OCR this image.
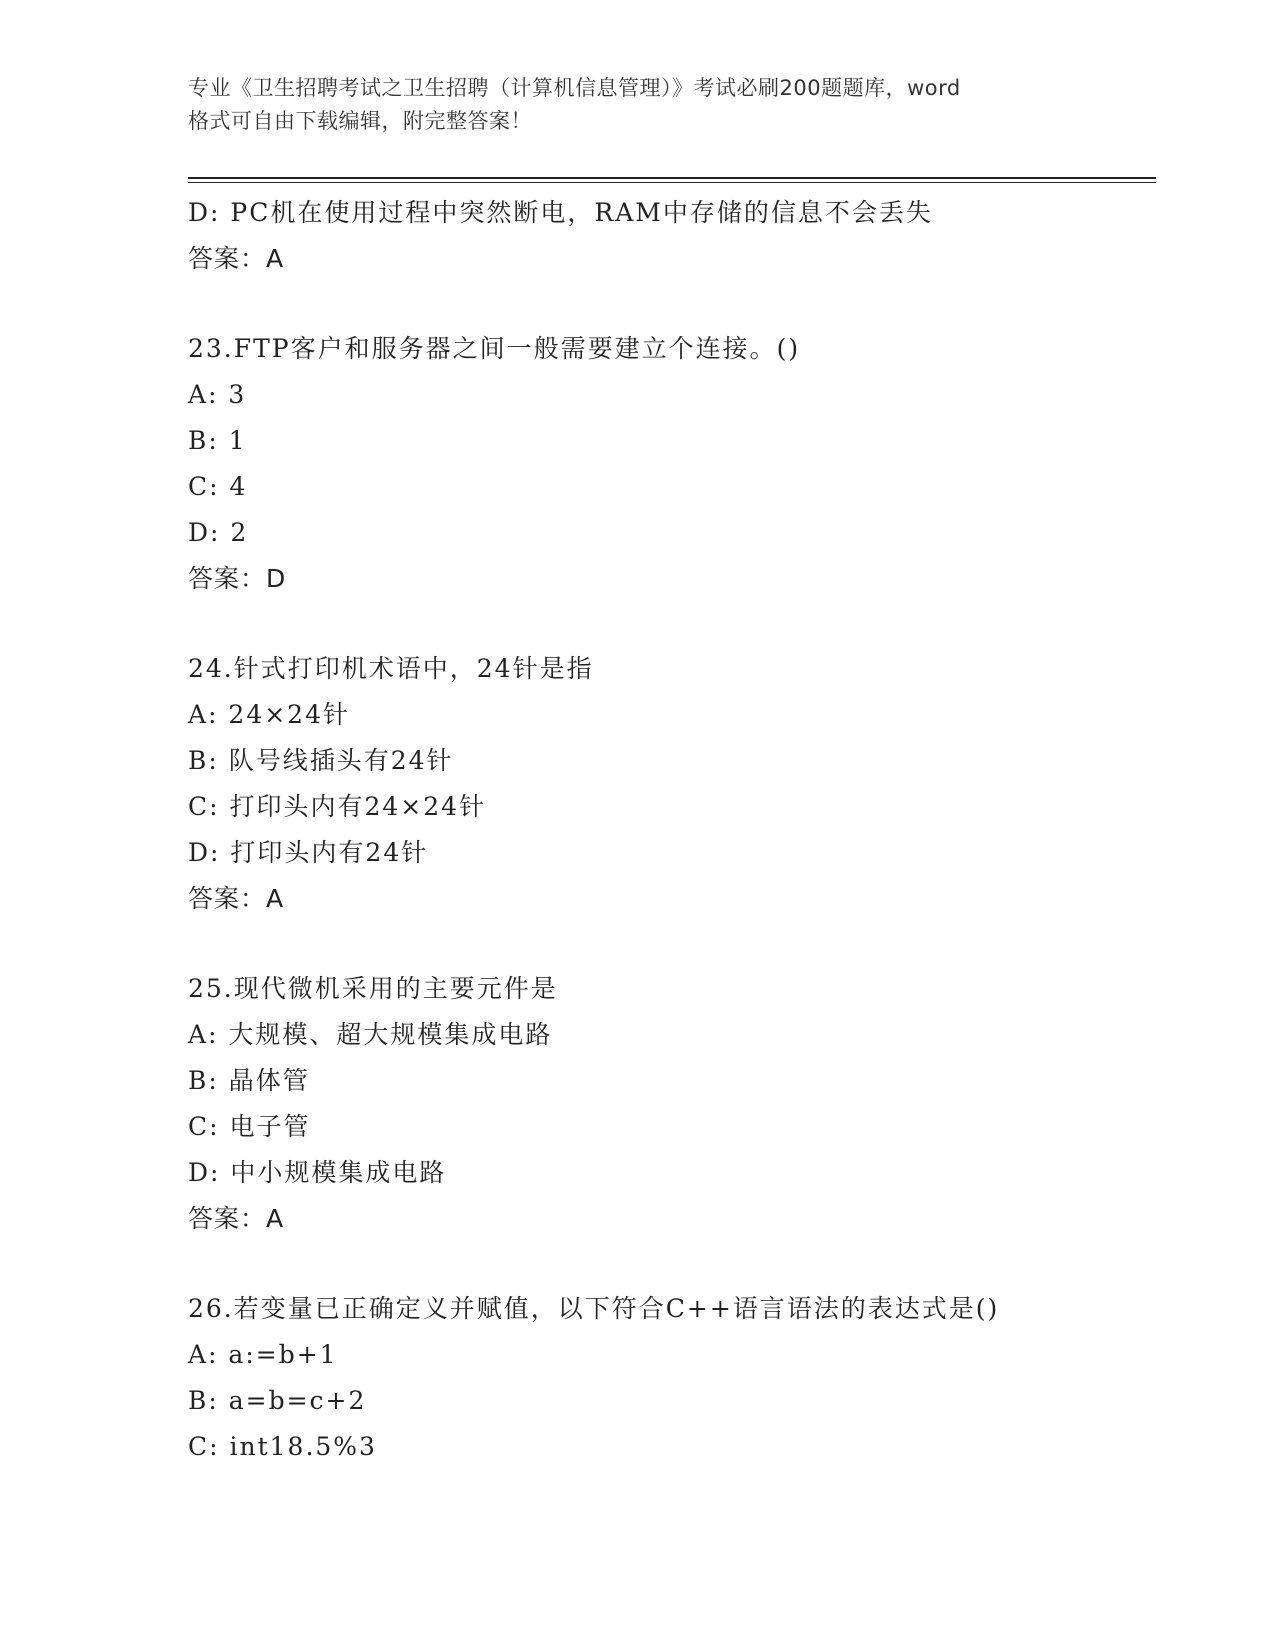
专业《卫生招聘考试之卫生招聘（计算机信息管理）》考试必刷200题题库，word
格式可自由下载编辑，附完整答案！
D: PC机在使用过程中突然断电，RAM中存储的信息不会丢失
答案：A
23.FTP客户和服务器之间一般需要建立个连接。()
A: 3
B: 1
C: 4
D: 2
答案：D
24.针式打印机术语中，24针是指
A: 24×24针
B: 队号线插头有24针
C: 打印头内有24×24针
D: 打印头内有24针
答案：A
25.现代微机采用的主要元件是
A: 大规模、超大规模集成电路
B: 晶体管
C: 电子管
D: 中小规模集成电路
答案：A
26.若变量已正确定义并赋值，以下符合C++语言语法的表达式是()
A: a:=b+1
B: a=b=c+2
C: int18.5%3
